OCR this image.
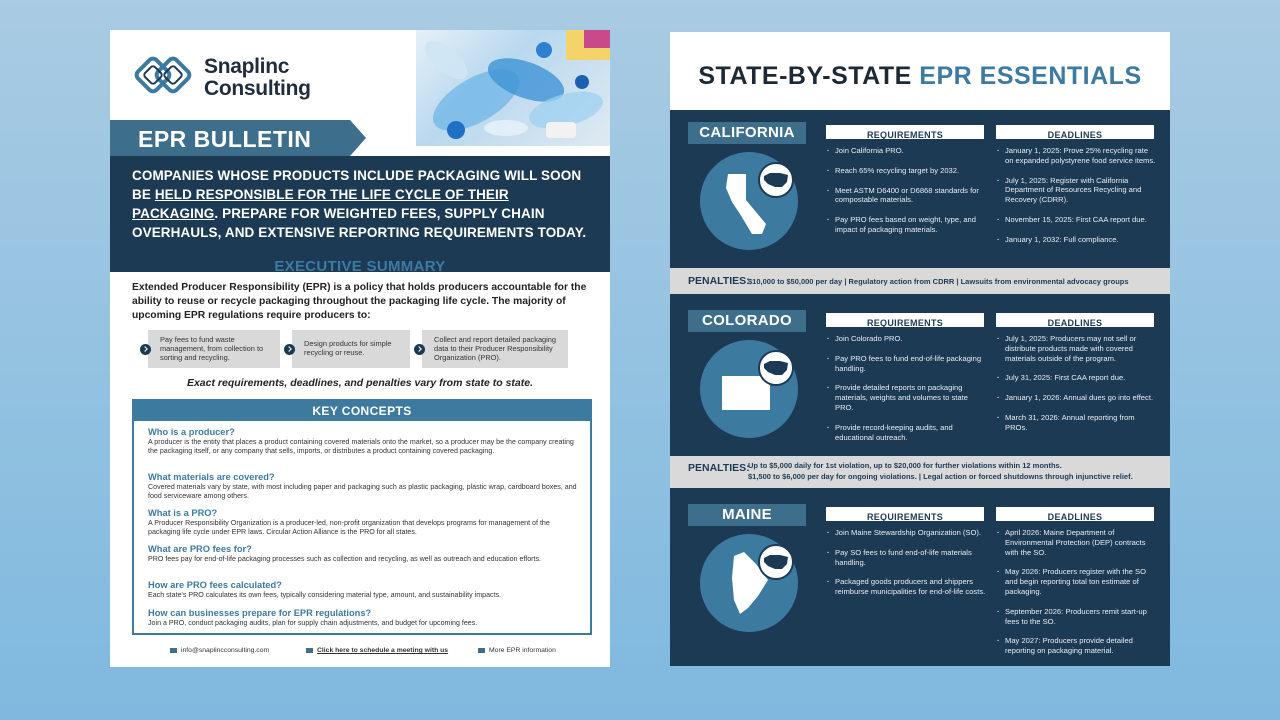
Snaplinc
Consulting
EPR BULLETIN
COMPANIES WHOSE PRODUCTS INCLUDE PACKAGING WILL SOON BE HELD RESPONSIBLE FOR THE LIFE CYCLE OF THEIR PACKAGING. PREPARE FOR WEIGHTED FEES, SUPPLY CHAIN OVERHAULS, AND EXTENSIVE REPORTING REQUIREMENTS TODAY.
EXECUTIVE SUMMARY
Extended Producer Responsibility (EPR) is a policy that holds producers accountable for the ability to reuse or recycle packaging throughout the packaging life cycle. The majority of upcoming EPR regulations require producers to:
Pay fees to fund waste management, from collection to sorting and recycling.
Design products for simple recycling or reuse.
Collect and report detailed packaging data to their Producer Responsibility Organization (PRO).
Exact requirements, deadlines, and penalties vary from state to state.
KEY CONCEPTS
Who is a producer?
A producer is the entity that places a product containing covered materials onto the market, so a producer may be the company creating the packaging itself, or any company that sells, imports, or distributes a product containing covered packaging.
What materials are covered?
Covered materials vary by state, with most including paper and packaging such as plastic packaging, plastic wrap, cardboard boxes, and food serviceware among others.
What is a PRO?
A Producer Responsibility Organization is a producer-led, non-profit organization that develops programs for management of the packaging life cycle under EPR laws. Circular Action Alliance is the PRO for all states.
What are PRO fees for?
PRO fees pay for end-of-life packaging processes such as collection and recycling, as well as outreach and education efforts.
How are PRO fees calculated?
Each state's PRO calculates its own fees, typically considering material type, amount, and sustainability impacts.
How can businesses prepare for EPR regulations?
Join a PRO, conduct packaging audits, plan for supply chain adjustments, and budget for upcoming fees.
info@snaplincconsulting.com	Click here to schedule a meeting with us	More EPR information
STATE-BY-STATE EPR ESSENTIALS
CALIFORNIA	REQUIREMENTS	DEADLINES
· Join California PRO.
· Reach 65% recycling target by 2032.
· Meet ASTM D6400 or D6868 standards for compostable materials.
· Pay PRO fees based on weight, type, and impact of packaging materials.
· January 1, 2025: Prove 25% recycling rate on expanded polystyrene food service items.
· July 1, 2025: Register with California Department of Resources Recycling and Recovery (CDRR).
· November 15, 2025: First CAA report due.
· January 1, 2032: Full compliance.
PENALTIES:
$10,000 to $50,000 per day | Regulatory action from CDRR | Lawsuits from environmental advocacy groups
COLORADO	REQUIREMENTS	DEADLINES
· Join Colorado PRO.
· Pay PRO fees to fund end-of-life packaging handling.
· Provide detailed reports on packaging materials, weights and volumes to state PRO.
· Provide record-keeping audits, and educational outreach.
· July 1, 2025: Producers may not sell or distribute products made with covered materials outside of the program.
· July 31, 2025: First CAA report due.
· January 1, 2026: Annual dues go into effect.
· March 31, 2026: Annual reporting from PROs.
PENALTIES:
Up to $5,000 daily for 1st violation, up to $20,000 for further violations within 12 months.
$1,500 to $6,000 per day for ongoing violations. | Legal action or forced shutdowns through injunctive relief.
MAINE	REQUIREMENTS	DEADLINES
· Join Maine Stewardship Organization (SO).
· Pay SO fees to fund end-of-life materials handling.
· Packaged goods producers and shippers reimburse municipalities for end-of-life costs.
· April 2026: Maine Department of Environmental Protection (DEP) contracts with the SO.
· May 2026: Producers register with the SO and begin reporting total ton estimate of packaging.
· September 2026: Producers remit start-up fees to the SO.
· May 2027: Producers provide detailed reporting on packaging material.
